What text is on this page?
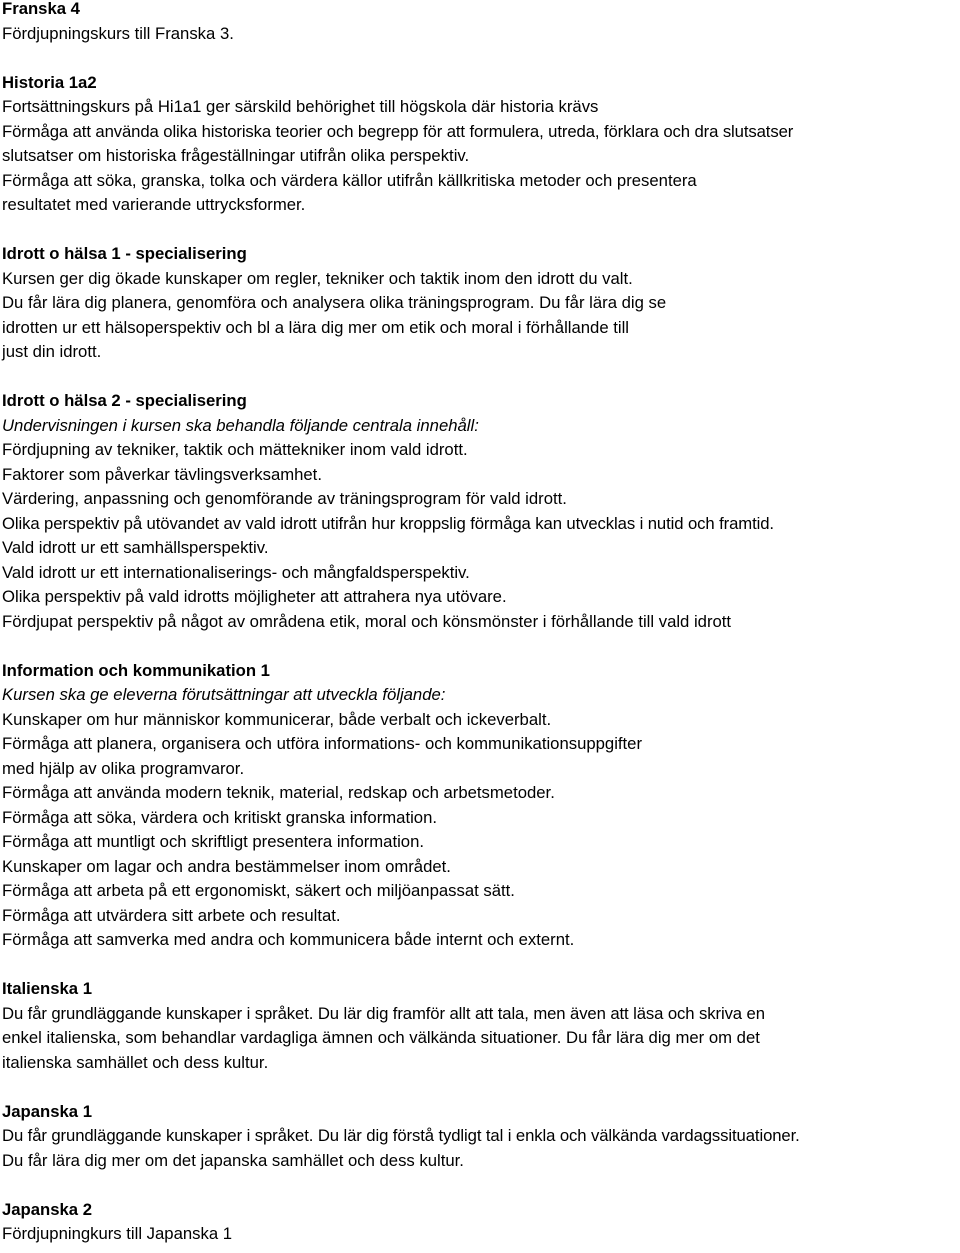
Franska 4
Fördjupningskurs till Franska 3.
Historia 1a2
Fortsättningskurs på Hi1a1 ger särskild behörighet till högskola där historia krävs
Förmåga att använda olika historiska teorier och begrepp för att formulera, utreda, förklara och dra slutsatser
slutsatser om historiska frågeställningar utifrån olika perspektiv.
Förmåga att söka, granska, tolka och värdera källor utifrån källkritiska metoder och presentera
resultatet med varierande uttrycksformer.
Idrott o hälsa 1 - specialisering
Kursen ger dig ökade kunskaper om regler, tekniker och taktik inom den idrott du valt.
Du får lära dig planera, genomföra och analysera olika träningsprogram. Du får lära dig se
idrotten ur ett hälsoperspektiv och bl a lära dig mer om etik och moral i förhållande till
just din idrott.
Idrott o hälsa 2 - specialisering
Undervisningen i kursen ska behandla följande centrala innehåll:
Fördjupning av tekniker, taktik och mättekniker inom vald idrott.
Faktorer som påverkar tävlingsverksamhet.
Värdering, anpassning och genomförande av träningsprogram för vald idrott.
Olika perspektiv på utövandet av vald idrott utifrån hur kroppslig förmåga kan utvecklas i nutid och framtid.
Vald idrott ur ett samhällsperspektiv.
Vald idrott ur ett internationaliserings- och mångfaldsperspektiv.
Olika perspektiv på vald idrotts möjligheter att attrahera nya utövare.
Fördjupat perspektiv på något av områdena etik, moral och könsmönster i förhållande till vald idrott
Information och kommunikation 1
Kursen ska ge eleverna förutsättningar att utveckla följande:
Kunskaper om hur människor kommunicerar, både verbalt och ickeverbalt.
Förmåga att planera, organisera och utföra informations- och kommunikationsuppgifter
med hjälp av olika programvaror.
Förmåga att använda modern teknik, material, redskap och arbetsmetoder.
Förmåga att söka, värdera och kritiskt granska information.
Förmåga att muntligt och skriftligt presentera information.
Kunskaper om lagar och andra bestämmelser inom området.
Förmåga att arbeta på ett ergonomiskt, säkert och miljöanpassat sätt.
Förmåga att utvärdera sitt arbete och resultat.
Förmåga att samverka med andra och kommunicera både internt och externt.
Italienska 1
Du får grundläggande kunskaper i språket. Du lär dig framför allt att tala, men även att läsa och skriva en
enkel italienska, som behandlar vardagliga ämnen och välkända situationer. Du får lära dig mer om det
italienska samhället och dess kultur.
Japanska 1
Du får grundläggande kunskaper i språket. Du lär dig förstå tydligt tal i enkla och välkända vardagssituationer.
Du får lära dig mer om det japanska samhället och dess kultur.
Japanska 2
Fördjupningkurs till Japanska 1
